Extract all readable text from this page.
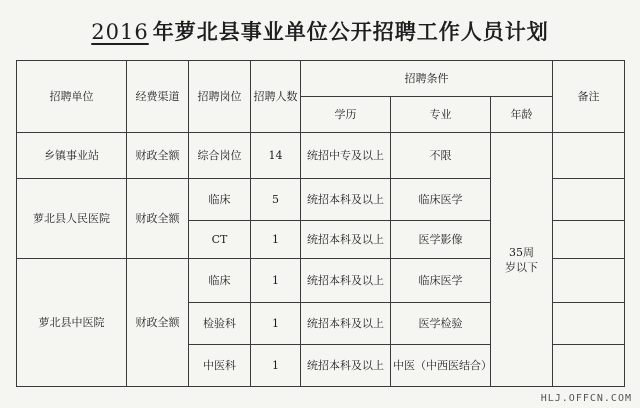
2016 年萝北县事业单位公开招聘工作人员计划
招聘单位	经费渠道	招聘岗位	招聘人数	招聘条件			备注
				学历	专业	年龄	
乡镇事业站	财政全额	综合岗位	14	统招中专及以上	不限	35周岁以下	
萝北县人民医院	财政全额	临床	5	统招本科及以上	临床医学		
		CT	1	统招本科及以上	医学影像		
萝北县中医院	财政全额	临床	1	统招本科及以上	临床医学		
		检验科	1	统招本科及以上	医学检验		
		中医科	1	统招本科及以上	中医（中西医结合）		
HLJ.OFFCN.COM
